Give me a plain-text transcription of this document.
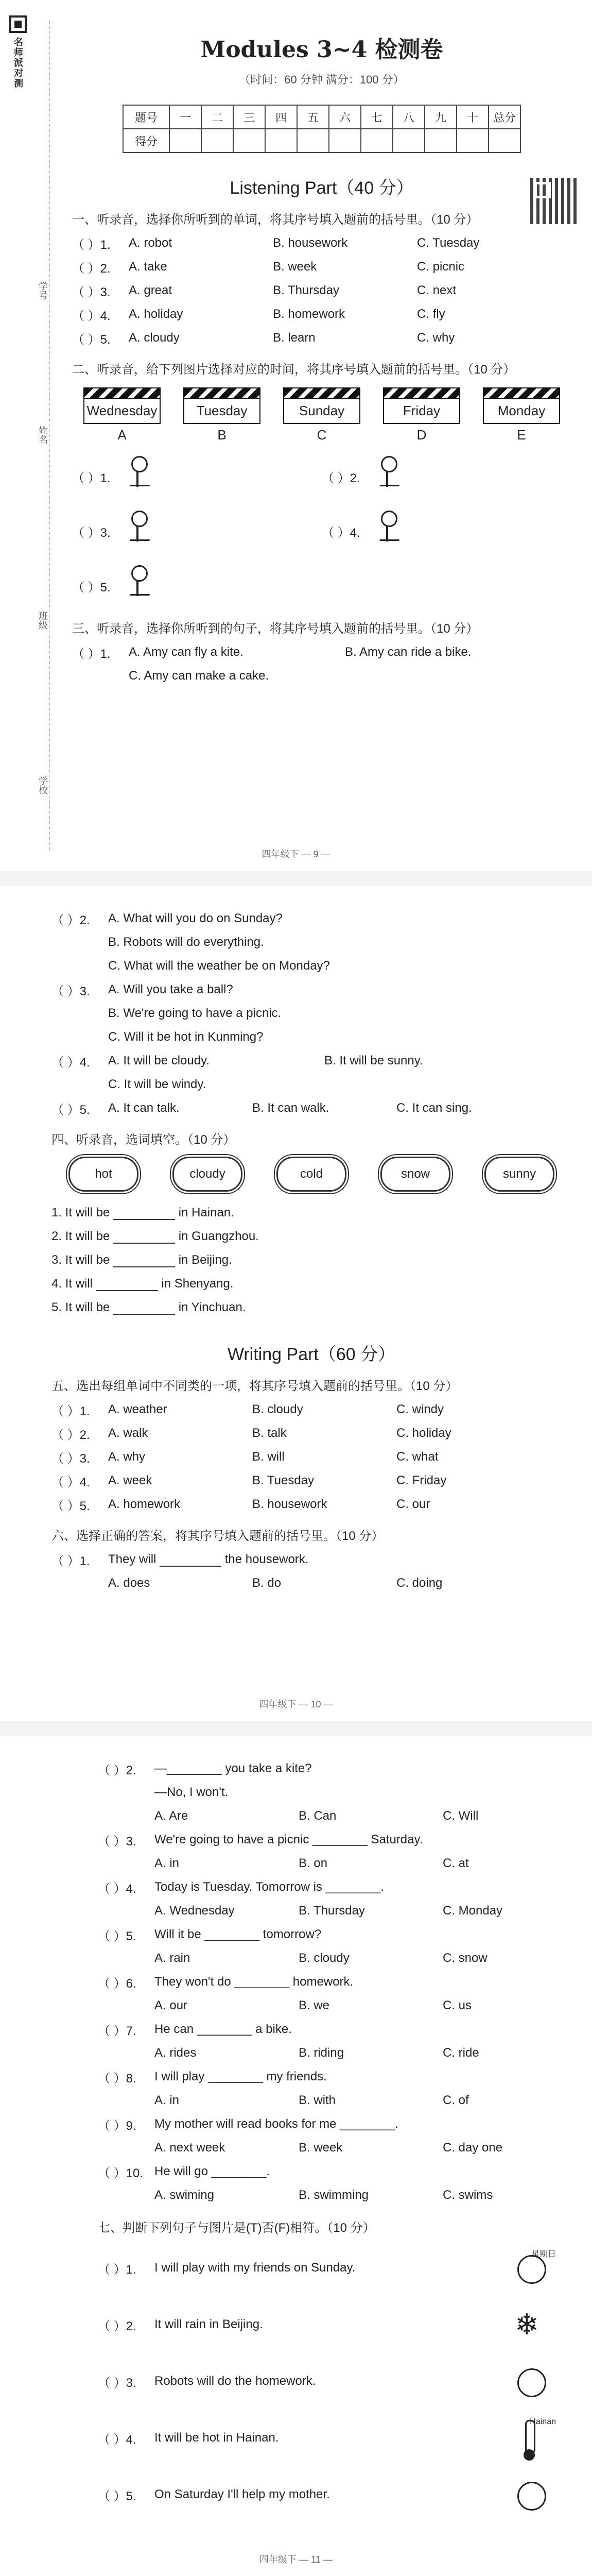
名师派对测
学号
姓名
班级
学校
Modules 3~4 检测卷
（时间：60 分钟 满分：100 分）
题号	一	二	三	四	五	六	七	八	九	十	总分
得分											
Listening Part（40 分）
一、听录音，选择你所听到的单词，将其序号填入题前的括号里。（10 分）
（ ）1.	A. robot	B. housework	C. Tuesday
（ ）2.	A. take	B. week	C. picnic
（ ）3.	A. great	B. Thursday	C. next
（ ）4.	A. holiday	B. homework	C. fly
（ ）5.	A. cloudy	B. learn	C. why
二、听录音，给下列图片选择对应的时间，将其序号填入题前的括号里。（10 分）
Wednesday
A
Tuesday
B
Sunday
C
Friday
D
Monday
E
（ ）1.	（ ）2.
（ ）3.	（ ）4.
（ ）5.
三、听录音，选择你所听到的句子，将其序号填入题前的括号里。（10 分）
（ ）1.	A. Amy can fly a kite.	B. Amy can ride a bike.
C. Amy can make a cake.
四年级下 — 9 —
（ ）2.	A. What will you do on Sunday?
B. Robots will do everything.
C. What will the weather be on Monday?
（ ）3.	A. Will you take a ball?
B. We're going to have a picnic.
C. Will it be hot in Kunming?
（ ）4.	A. It will be cloudy.	B. It will be sunny.
C. It will be windy.
（ ）5.	A. It can talk.	B. It can walk.	C. It can sing.
四、听录音，选词填空。（10 分）
hot	cloudy	cold	snow	sunny
1. It will be

	in Hainan.
2. It will be

	in Guangzhou.
3. It will be

	in Beijing.
4. It will

	in Shenyang.
5. It will be

	in Yinchuan.
Writing Part（60 分）
五、选出每组单词中不同类的一项，将其序号填入题前的括号里。（10 分）
（ ）1.	A. weather	B. cloudy	C. windy
（ ）2.	A. walk	B. talk	C. holiday
（ ）3.	A. why	B. will	C. what
（ ）4.	A. week	B. Tuesday	C. Friday
（ ）5.	A. homework	B. housework	C. our
六、选择正确的答案，将其序号填入题前的括号里。（10 分）
（ ）1.	They will

	the housework.
A. does	B. do	C. doing
四年级下 — 10 —
（ ）2.	—________ you take a kite?
—No, I won't.
A. Are	B. Can	C. Will
（ ）3.	We're going to have a picnic ________ Saturday.
A. in	B. on	C. at
（ ）4.	Today is Tuesday. Tomorrow is ________.
A. Wednesday	B. Thursday	C. Monday
（ ）5.	Will it be ________ tomorrow?
A. rain	B. cloudy	C. snow
（ ）6.	They won't do ________ homework.
A. our	B. we	C. us
（ ）7.	He can ________ a bike.
A. rides	B. riding	C. ride
（ ）8.	I will play ________ my friends.
A. in	B. with	C. of
（ ）9.	My mother will read books for me ________.
A. next week	B. week	C. day one
（ ）10. He will go ________.
A. swiming	B. swimming	C. swims
七、判断下列句子与图片是(T)否(F)相符。（10 分）
（ ）1.	I will play with my friends on Sunday.
星期日
（ ）2.	It will rain in Beijing.	❄
（ ）3.	Robots will do the homework.
（ ）4.	It will be hot in Hainan.
Hainan
（ ）5.	On Saturday I'll help my mother.
四年级下 — 11 —
